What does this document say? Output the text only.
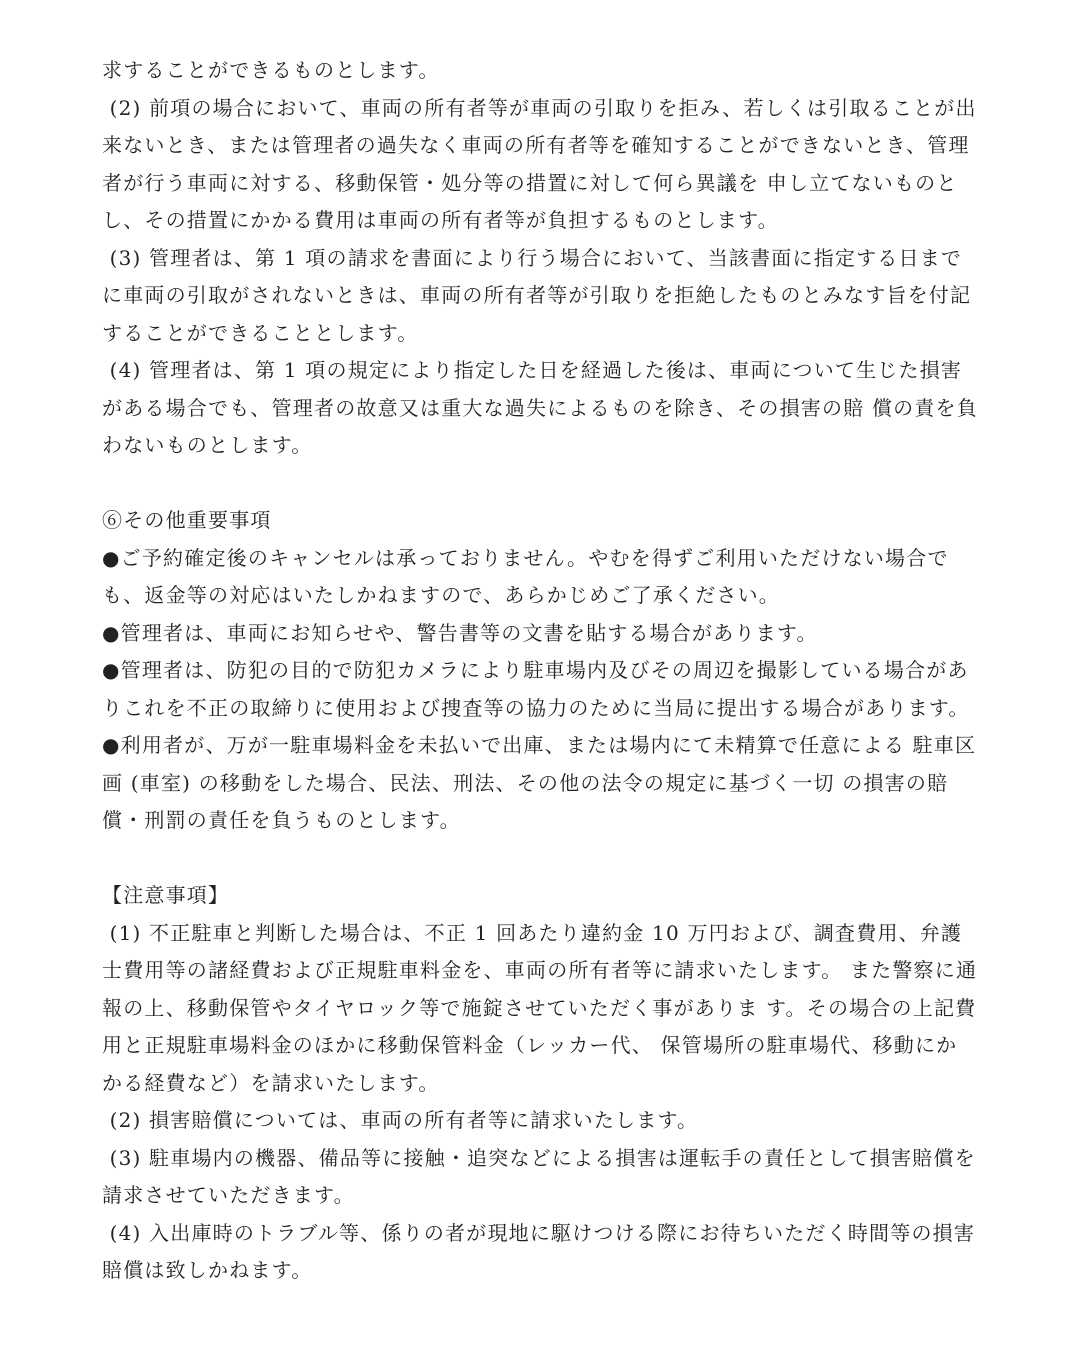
求することができるものとします。

(2) 前項の場合において、車両の所有者等が車両の引取りを拒み、若しくは引取ることが出来ないとき、または管理者の過失なく車両の所有者等を確知することができないとき、管理者が行う車両に対する、移動保管・処分等の措置に対して何ら異議を 申し立てないものとし、その措置にかかる費用は車両の所有者等が負担するものとします。

(3) 管理者は、第 1 項の請求を書面により行う場合において、当該書面に指定する日までに車両の引取がされないときは、車両の所有者等が引取りを拒絶したものとみなす旨を付記することができることとします。

(4) 管理者は、第 1 項の規定により指定した日を経過した後は、車両について生じた損害がある場合でも、管理者の故意又は重大な過失によるものを除き、その損害の賠 償の責を負わないものとします。

⑥その他重要事項

●ご予約確定後のキャンセルは承っておりません。やむを得ずご利用いただけない場合でも、返金等の対応はいたしかねますので、あらかじめご了承ください。

●管理者は、車両にお知らせや、警告書等の文書を貼する場合があります。

●管理者は、防犯の目的で防犯カメラにより駐車場内及びその周辺を撮影している場合がありこれを不正の取締りに使用および捜査等の協力のために当局に提出する場合があります。

●利用者が、万が一駐車場料金を未払いで出庫、または場内にて未精算で任意による 駐車区画 (車室) の移動をした場合、民法、刑法、その他の法令の規定に基づく一切 の損害の賠償・刑罰の責任を負うものとします。

【注意事項】

(1) 不正駐車と判断した場合は、不正 1 回あたり違約金 10 万円および、調査費用、弁護士費用等の諸経費および正規駐車料金を、車両の所有者等に請求いたします。 また警察に通報の上、移動保管やタイヤロック等で施錠させていただく事がありま す。その場合の上記費用と正規駐車場料金のほかに移動保管料金（レッカー代、 保管場所の駐車場代、移動にかかる経費など）を請求いたします。

(2) 損害賠償については、車両の所有者等に請求いたします。

(3) 駐車場内の機器、備品等に接触・追突などによる損害は運転手の責任として損害賠償を請求させていただきます。

(4) 入出庫時のトラブル等、係りの者が現地に駆けつける際にお待ちいただく時間等の損害賠償は致しかねます。
